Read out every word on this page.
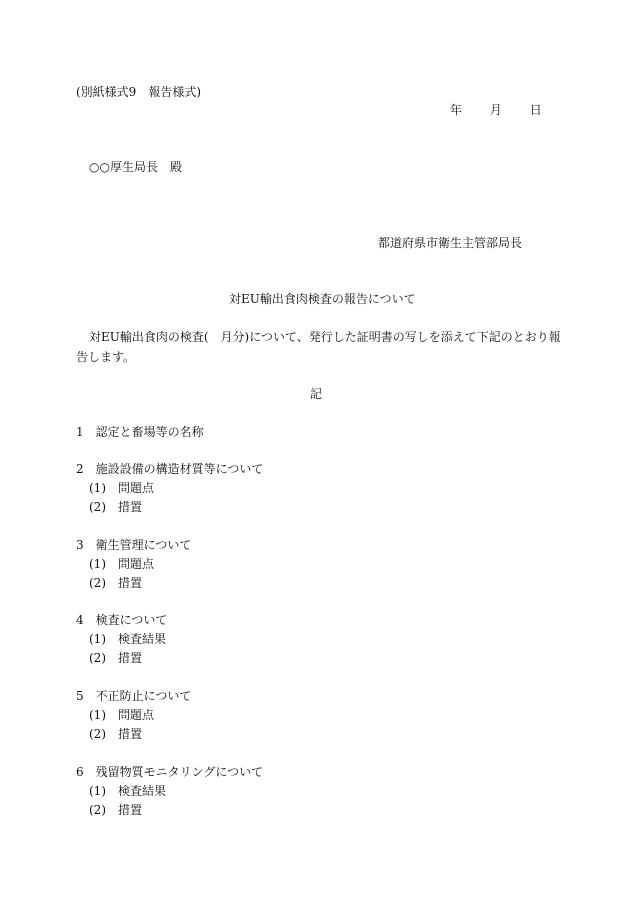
(別紙様式9　報告様式)
年 月 日
○○厚生局長　殿
都道府県市衛生主管部局長
対EU輸出食肉検査の報告について
対EU輸出食肉の検査(　月分)について、発行した証明書の写しを添えて下記のとおり報
告します。
記
1　認定と畜場等の名称
2　施設設備の構造材質等について
(1)　問題点
(2)　措置
3　衛生管理について
(1)　問題点
(2)　措置
4　検査について
(1)　検査結果
(2)　措置
5　不正防止について
(1)　問題点
(2)　措置
6　残留物質モニタリングについて
(1)　検査結果
(2)　措置
